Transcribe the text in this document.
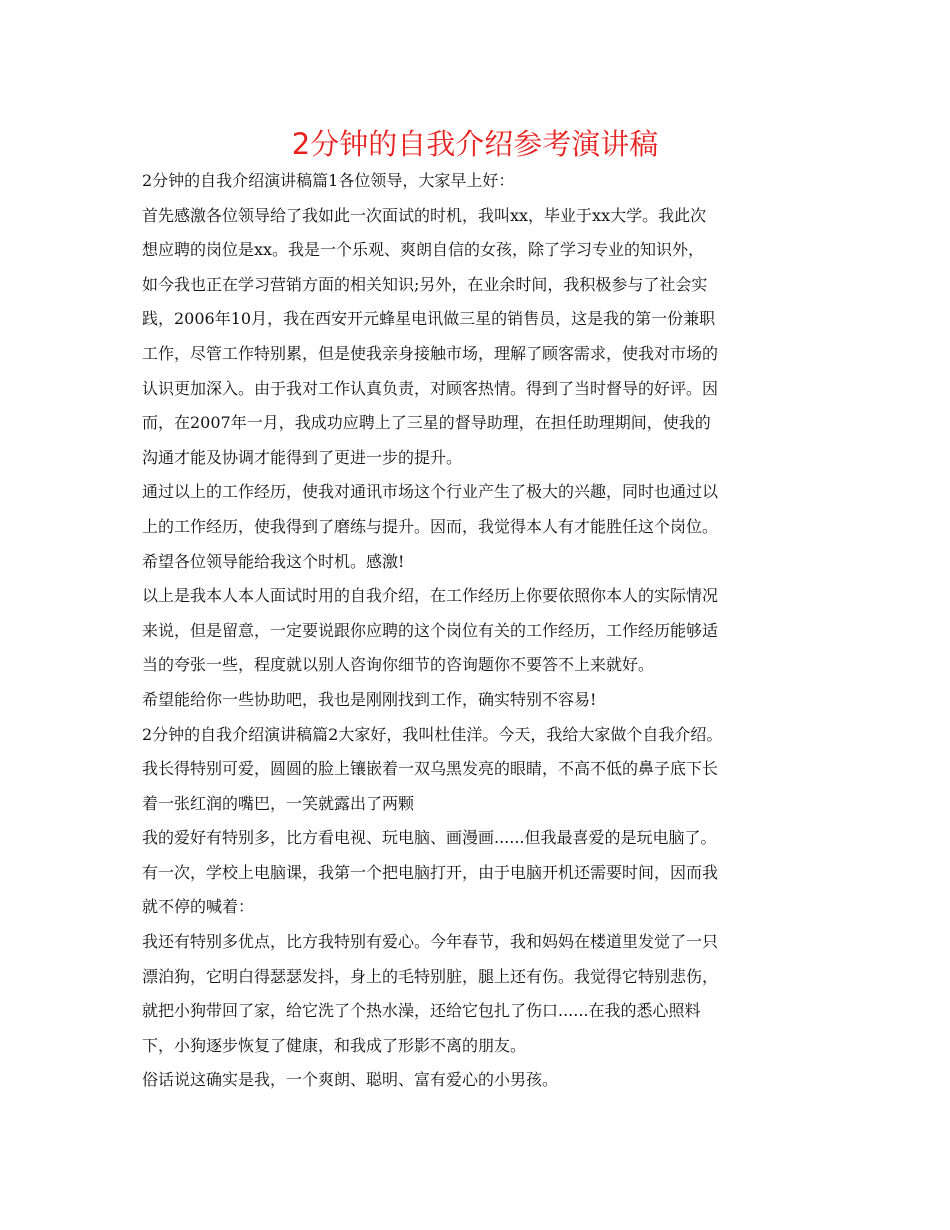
2分钟的自我介绍参考演讲稿
2分钟的自我介绍演讲稿篇1各位领导，大家早上好：
首先感激各位领导给了我如此一次面试的时机，我叫xx，毕业于xx大学。我此次
想应聘的岗位是xx。我是一个乐观、爽朗自信的女孩，除了学习专业的知识外，
如今我也正在学习营销方面的相关知识;另外，在业余时间，我积极参与了社会实
践，2006年10月，我在西安开元蜂星电讯做三星的销售员，这是我的第一份兼职
工作，尽管工作特别累，但是使我亲身接触市场，理解了顾客需求，使我对市场的
认识更加深入。由于我对工作认真负责，对顾客热情。得到了当时督导的好评。因
而，在2007年一月，我成功应聘上了三星的督导助理，在担任助理期间，使我的
沟通才能及协调才能得到了更进一步的提升。
通过以上的工作经历，使我对通讯市场这个行业产生了极大的兴趣，同时也通过以
上的工作经历，使我得到了磨练与提升。因而，我觉得本人有才能胜任这个岗位。
希望各位领导能给我这个时机。感激!
以上是我本人本人面试时用的自我介绍，在工作经历上你要依照你本人的实际情况
来说，但是留意，一定要说跟你应聘的这个岗位有关的工作经历，工作经历能够适
当的夸张一些，程度就以别人咨询你细节的咨询题你不要答不上来就好。
希望能给你一些协助吧，我也是刚刚找到工作，确实特别不容易!
2分钟的自我介绍演讲稿篇2大家好，我叫杜佳洋。今天，我给大家做个自我介绍。
我长得特别可爱，圆圆的脸上镶嵌着一双乌黑发亮的眼睛，不高不低的鼻子底下长
着一张红润的嘴巴，一笑就露出了两颗
我的爱好有特别多，比方看电视、玩电脑、画漫画......但我最喜爱的是玩电脑了。
有一次，学校上电脑课，我第一个把电脑打开，由于电脑开机还需要时间，因而我
就不停的喊着：
我还有特别多优点，比方我特别有爱心。今年春节，我和妈妈在楼道里发觉了一只
漂泊狗，它明白得瑟瑟发抖，身上的毛特别脏，腿上还有伤。我觉得它特别悲伤，
就把小狗带回了家，给它洗了个热水澡，还给它包扎了伤口......在我的悉心照料
下，小狗逐步恢复了健康，和我成了形影不离的朋友。
俗话说这确实是我，一个爽朗、聪明、富有爱心的小男孩。
